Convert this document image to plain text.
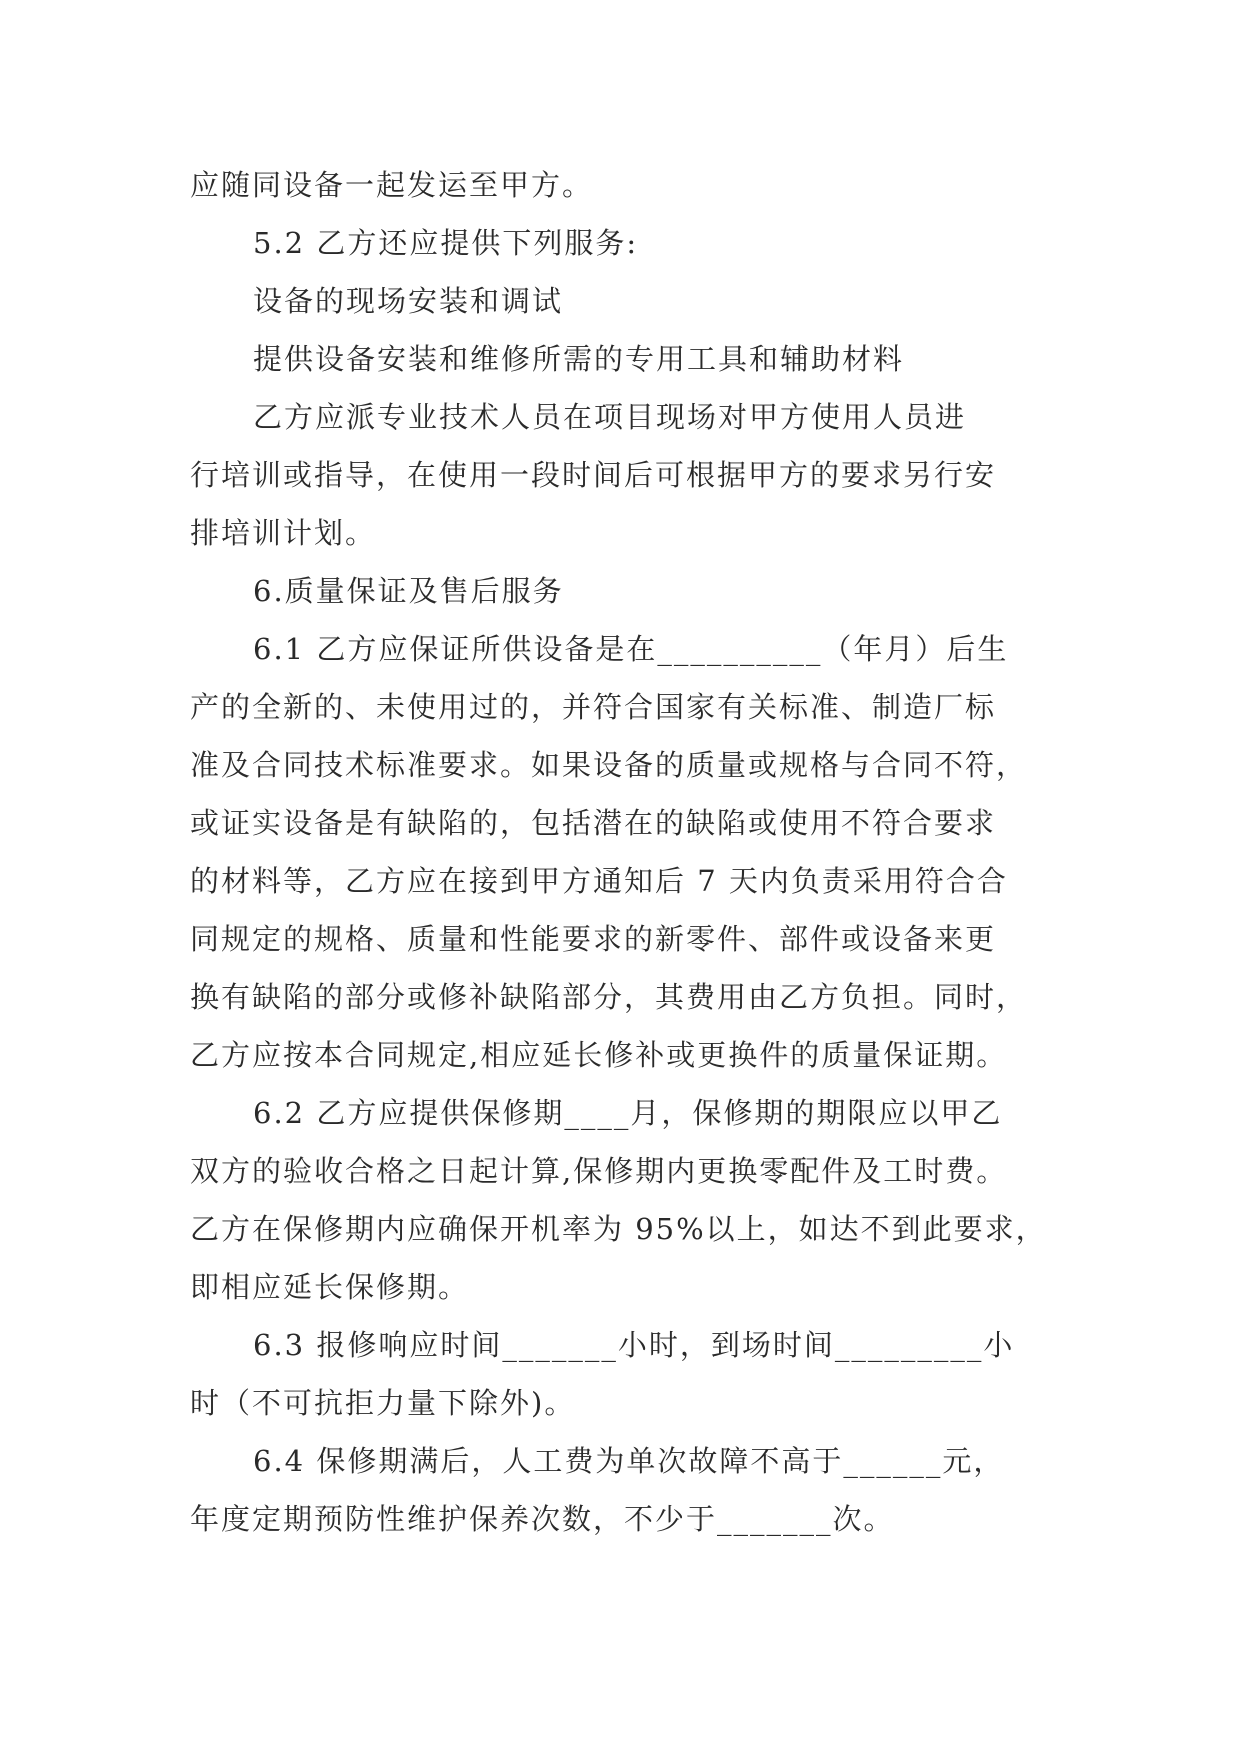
应随同设备一起发运至甲方。

5.2 乙方还应提供下列服务:

设备的现场安装和调试

提供设备安装和维修所需的专用工具和辅助材料

乙方应派专业技术人员在项目现场对甲方使用人员进
行培训或指导，在使用一段时间后可根据甲方的要求另行安
排培训计划。

6.质量保证及售后服务

6.1 乙方应保证所供设备是在__________（年月）后生
产的全新的、未使用过的，并符合国家有关标准、制造厂标
准及合同技术标准要求。如果设备的质量或规格与合同不符，
或证实设备是有缺陷的，包括潜在的缺陷或使用不符合要求
的材料等，乙方应在接到甲方通知后 7 天内负责采用符合合
同规定的规格、质量和性能要求的新零件、部件或设备来更
换有缺陷的部分或修补缺陷部分，其费用由乙方负担。同时，
乙方应按本合同规定,相应延长修补或更换件的质量保证期。
6.2 乙方应提供保修期____月，保修期的期限应以甲乙
双方的验收合格之日起计算,保修期内更换零配件及工时费。
乙方在保修期内应确保开机率为 95%以上，如达不到此要求，
即相应延长保修期。
6.3 报修响应时间_______小时，到场时间_________小
时（不可抗拒力量下除外)。
6.4 保修期满后，人工费为单次故障不高于______元，
年度定期预防性维护保养次数，不少于_______次。
